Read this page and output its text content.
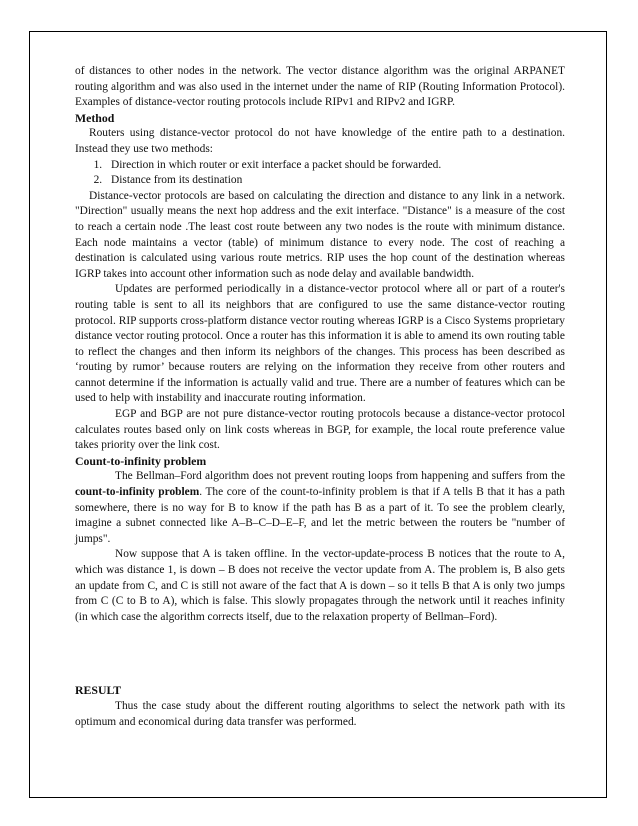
of distances to other nodes in the network. The vector distance algorithm was the original ARPANET routing algorithm and was also used in the internet under the name of RIP (Routing Information Protocol). Examples of distance-vector routing protocols include RIPv1 and RIPv2 and IGRP.

Method

Routers using distance-vector protocol do not have knowledge of the entire path to a destination. Instead they use two methods:

1. Direction in which router or exit interface a packet should be forwarded.
2. Distance from its destination

Distance-vector protocols are based on calculating the direction and distance to any link in a network. "Direction" usually means the next hop address and the exit interface. "Distance" is a measure of the cost to reach a certain node .The least cost route between any two nodes is the route with minimum distance. Each node maintains a vector (table) of minimum distance to every node. The cost of reaching a destination is calculated using various route metrics. RIP uses the hop count of the destination whereas IGRP takes into account other information such as node delay and available bandwidth.

Updates are performed periodically in a distance-vector protocol where all or part of a router's routing table is sent to all its neighbors that are configured to use the same distance-vector routing protocol. RIP supports cross-platform distance vector routing whereas IGRP is a Cisco Systems proprietary distance vector routing protocol. Once a router has this information it is able to amend its own routing table to reflect the changes and then inform its neighbors of the changes. This process has been described as ‘routing by rumor’ because routers are relying on the information they receive from other routers and cannot determine if the information is actually valid and true. There are a number of features which can be used to help with instability and inaccurate routing information.

EGP and BGP are not pure distance-vector routing protocols because a distance-vector protocol calculates routes based only on link costs whereas in BGP, for example, the local route preference value takes priority over the link cost.

Count-to-infinity problem

The Bellman–Ford algorithm does not prevent routing loops from happening and suffers from the count-to-infinity problem. The core of the count-to-infinity problem is that if A tells B that it has a path somewhere, there is no way for B to know if the path has B as a part of it. To see the problem clearly, imagine a subnet connected like A–B–C–D–E–F, and let the metric between the routers be "number of jumps".

Now suppose that A is taken offline. In the vector-update-process B notices that the route to A, which was distance 1, is down – B does not receive the vector update from A. The problem is, B also gets an update from C, and C is still not aware of the fact that A is down – so it tells B that A is only two jumps from C (C to B to A), which is false. This slowly propagates through the network until it reaches infinity (in which case the algorithm corrects itself, due to the relaxation property of Bellman–Ford).

RESULT

Thus the case study about the different routing algorithms to select the network path with its optimum and economical during data transfer was performed.
